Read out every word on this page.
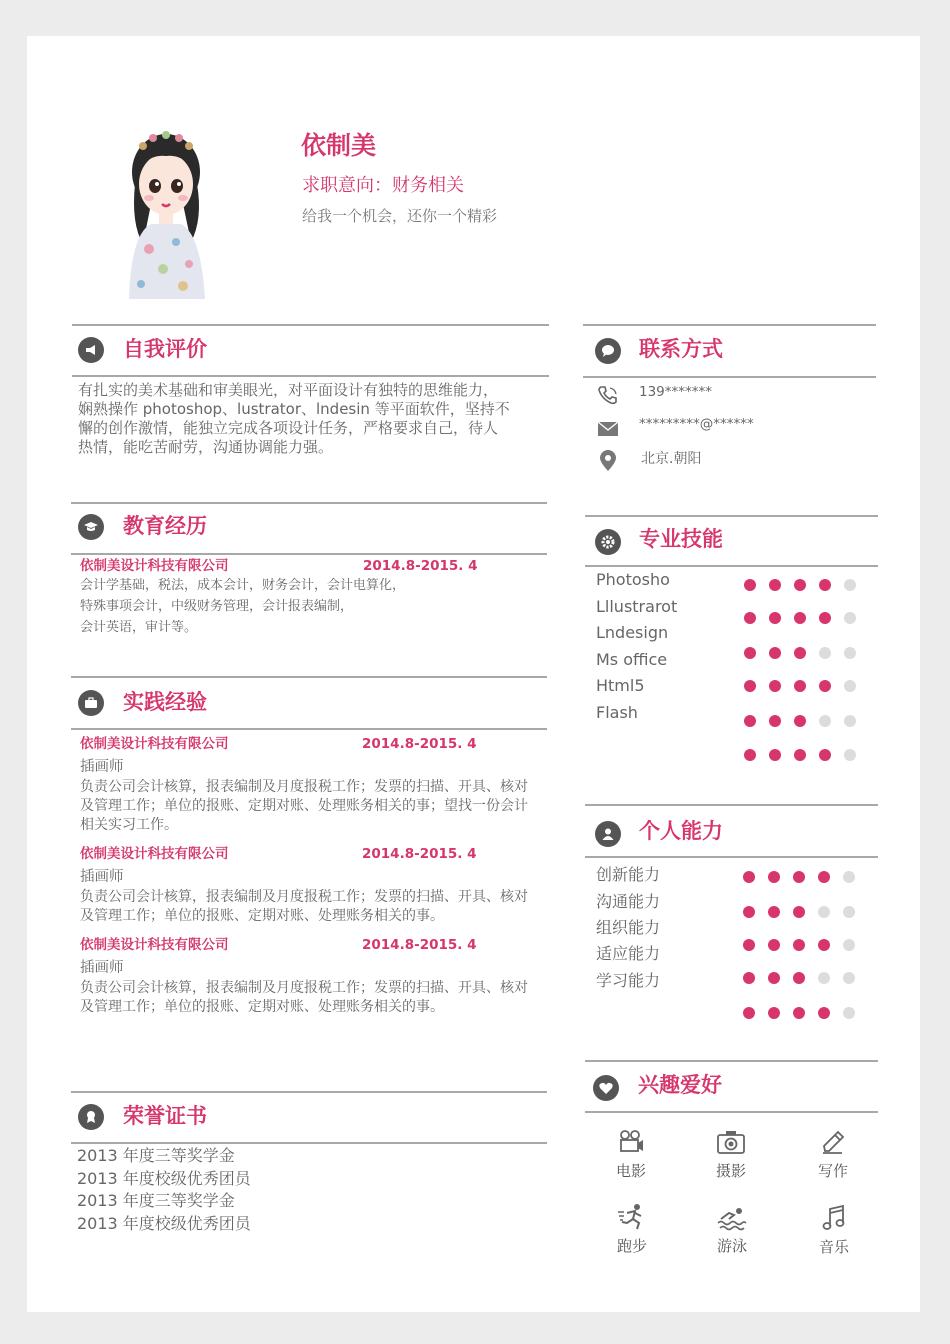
依制美
求职意向：财务相关
给我一个机会，还你一个精彩
自我评价
有扎实的美术基础和审美眼光，对平面设计有独特的思维能力，
娴熟操作 photoshop、lustrator、lndesin 等平面软件，坚持不
懈的创作激情，能独立完成各项设计任务，严格要求自己，待人
热情，能吃苦耐劳，沟通协调能力强。
教育经历
依制美设计科技有限公司	2014.8-2015. 4
会计学基础，税法，成本会计，财务会计，会计电算化，
特殊事项会计，中级财务管理，会计报表编制，
会计英语，审计等。
实践经验
依制美设计科技有限公司	2014.8-2015. 4
插画师
负责公司会计核算，报表编制及月度报税工作；发票的扫描、开具、核对
及管理工作；单位的报账、定期对账、处理账务相关的事；望找一份会计
相关实习工作。
依制美设计科技有限公司	2014.8-2015. 4
插画师
负责公司会计核算，报表编制及月度报税工作；发票的扫描、开具、核对
及管理工作；单位的报账、定期对账、处理账务相关的事。
依制美设计科技有限公司	2014.8-2015. 4
插画师
负责公司会计核算，报表编制及月度报税工作；发票的扫描、开具、核对
及管理工作；单位的报账、定期对账、处理账务相关的事。
荣誉证书
2013 年度三等奖学金
2013 年度校级优秀团员
2013 年度三等奖学金
2013 年度校级优秀团员
联系方式
139*******
*********@******
北京.朝阳
专业技能
Photosho
Lllustrarot
Lndesign
Ms office
Html5
Flash
个人能力
创新能力
沟通能力
组织能力
适应能力
学习能力
兴趣爱好
电影	摄影	写作
跑步	游泳	音乐
